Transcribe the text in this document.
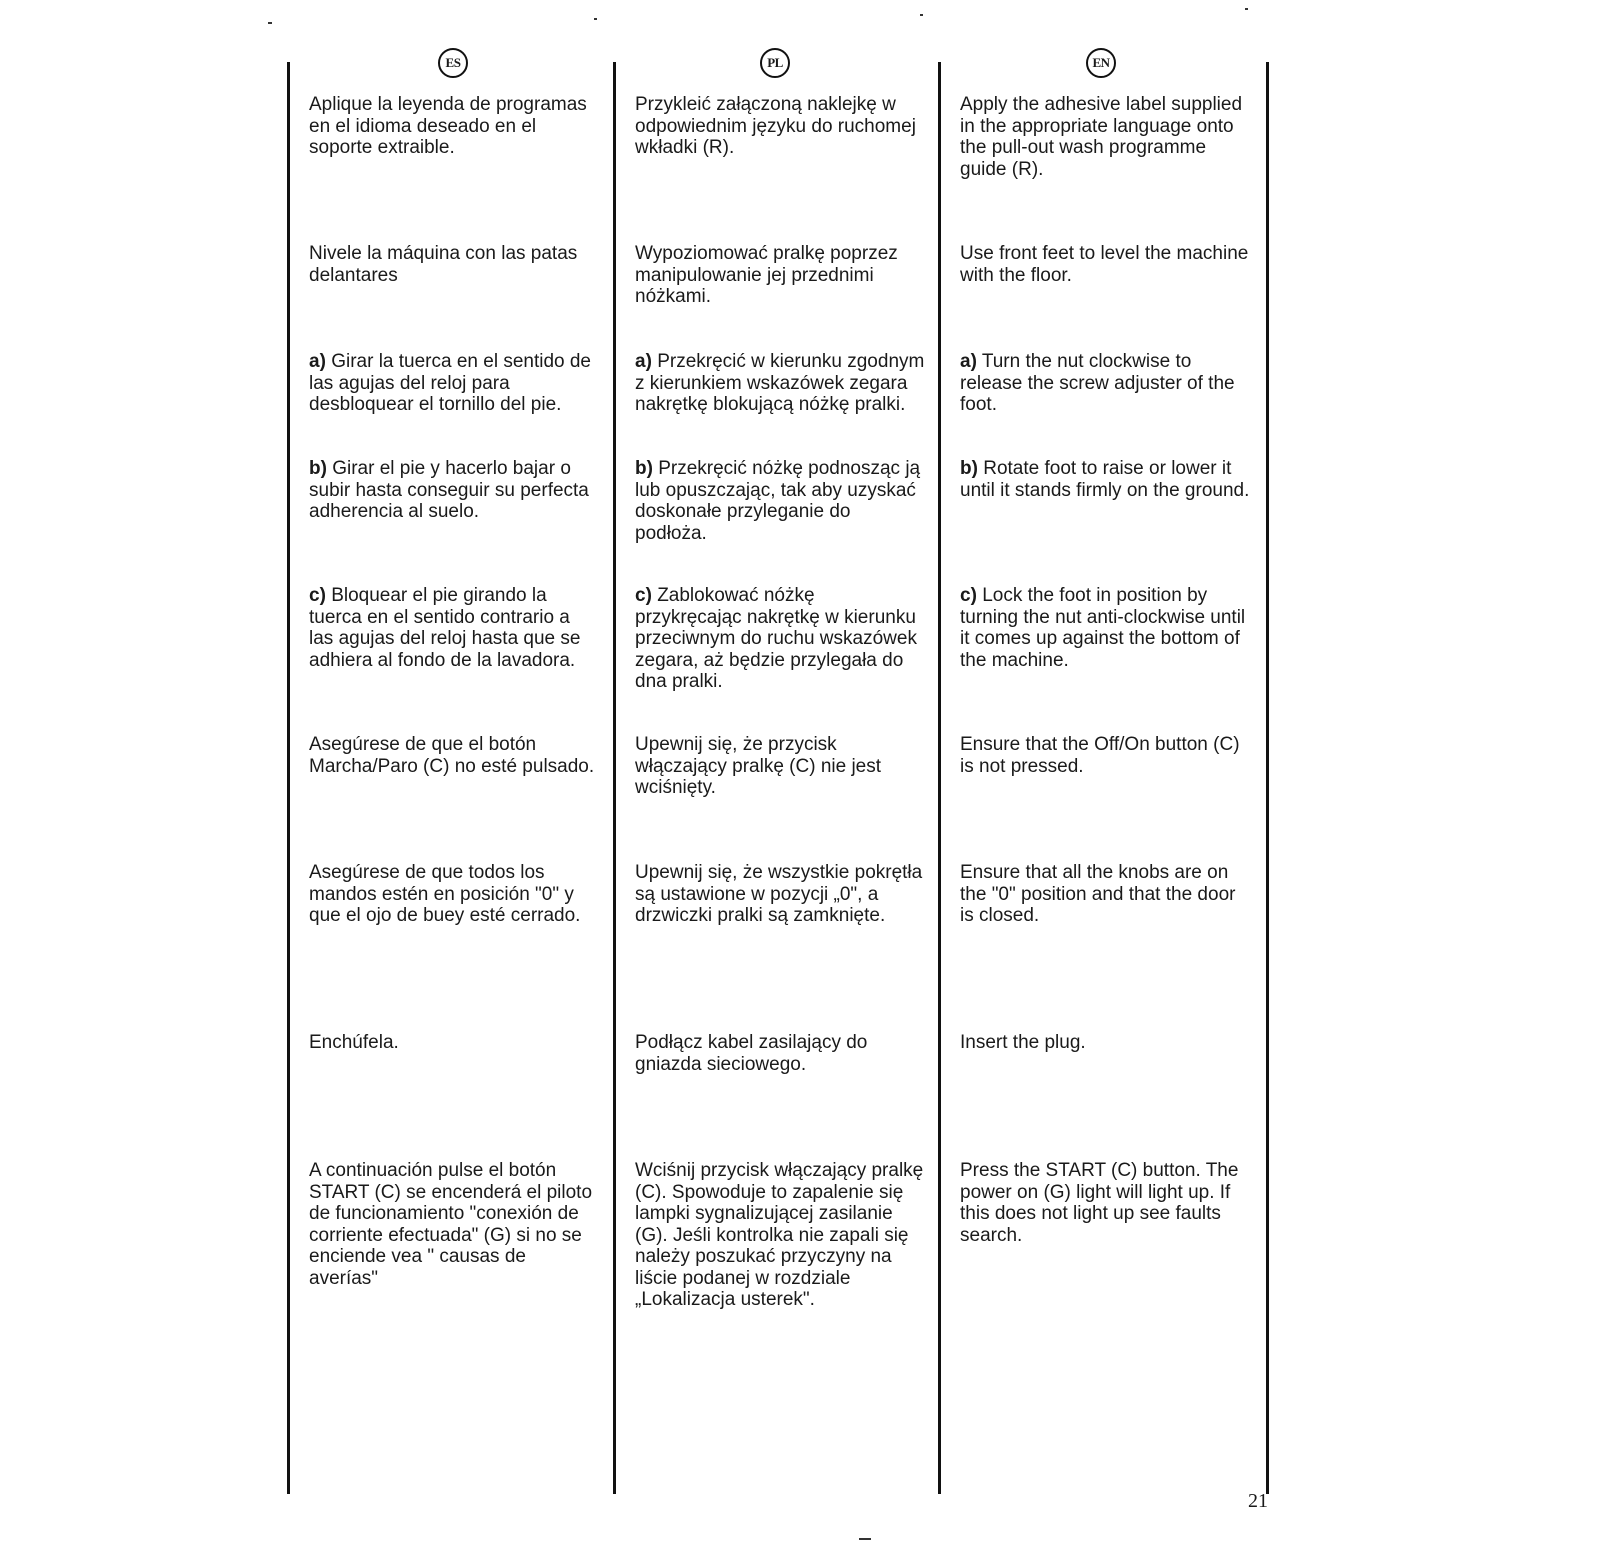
ES	PL	EN

Aplique la leyenda de programas en el idioma deseado en el soporte extraible.

Nivele la máquina con las patas delantares

a) Girar la tuerca en el sentido de las agujas del reloj para desbloquear el tornillo del pie.

b) Girar el pie y hacerlo bajar o subir hasta conseguir su perfecta adherencia al suelo.

c) Bloquear el pie girando la tuerca en el sentido contrario a las agujas del reloj hasta que se adhiera al fondo de la lavadora.

Asegúrese de que el botón Marcha/Paro (C) no esté pulsado.

Asegúrese de que todos los mandos estén en posición "0" y que el ojo de buey esté cerrado.

Enchúfela.

A continuación pulse el botón START (C) se encenderá el piloto de funcionamiento "conexión de corriente efectuada" (G) si no se enciende vea " causas de averías"

Przykleić załączoną naklejkę w odpowiednim języku do ruchomej wkładki (R).

Wypoziomować pralkę poprzez manipulowanie jej przednimi nóżkami.

a) Przekręcić w kierunku zgodnym z kierunkiem wskazówek zegara nakrętkę blokującą nóżkę pralki.

b) Przekręcić nóżkę podnosząc ją lub opuszczając, tak aby uzyskać doskonałe przyleganie do podłoża.

c) Zablokować nóżkę przykręcając nakrętkę w kierunku przeciwnym do ruchu wskazówek zegara, aż będzie przylegała do dna pralki.

Upewnij się, że przycisk włączający pralkę (C) nie jest wciśnięty.

Upewnij się, że wszystkie pokrętła są ustawione w pozycji „0", a drzwiczki pralki są zamknięte.

Podłącz kabel zasilający do gniazda sieciowego.

Wciśnij przycisk włączający pralkę (C). Spowoduje to zapalenie się lampki sygnalizującej zasilanie (G). Jeśli kontrolka nie zapali się należy poszukać przyczyny na liście podanej w rozdziale „Lokalizacja usterek".

Apply the adhesive label supplied in the appropriate language onto the pull-out wash programme guide (R).

Use front feet to level the machine with the floor.

a) Turn the nut clockwise to release the screw adjuster of the foot.

b) Rotate foot to raise or lower it until it stands firmly on the ground.

c) Lock the foot in position by turning the nut anti-clockwise until it comes up against the bottom of the machine.

Ensure that the Off/On button (C) is not pressed.

Ensure that all the knobs are on the "0" position and that the door is closed.

Insert the plug.

Press the START (C) button. The power on (G) light will light up. If this does not light up see faults search.

21
